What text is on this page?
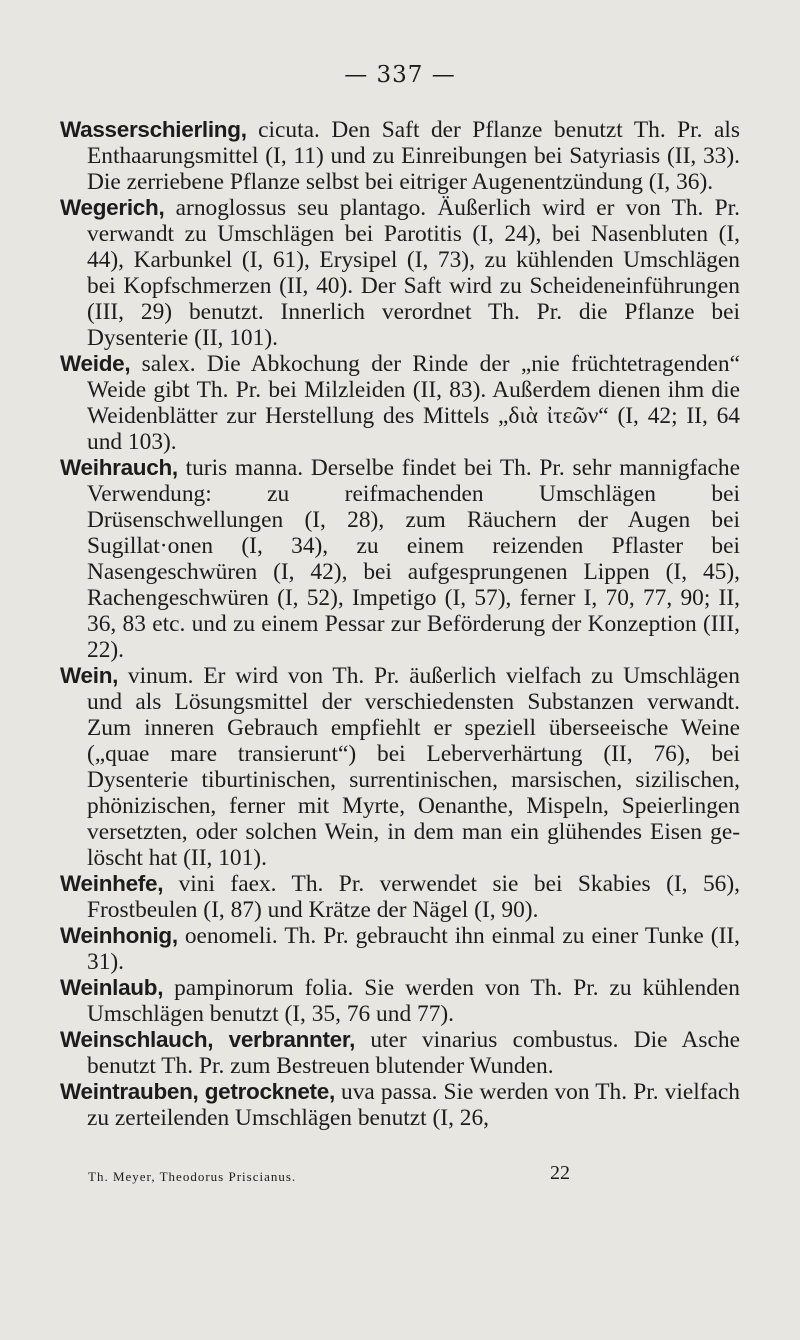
— 337 —

Wasserschierling, cicuta. Den Saft der Pflanze benutzt Th. Pr. als Enthaarungsmittel (I, 11) und zu Einreibungen bei Satyriasis (II, 33). Die zerriebene Pflanze selbst bei eitriger Augenentzündung (I, 36).

Wegerich, arnoglossus seu plantago. Äußerlich wird er von Th. Pr. verwandt zu Umschlägen bei Parotitis (I, 24), bei Nasenbluten (I, 44), Karbunkel (I, 61), Erysipel (I, 73), zu kühlenden Umschlägen bei Kopfschmerzen (II, 40). Der Saft wird zu Scheideneinführungen (III, 29) benutzt. Innerlich verordnet Th. Pr. die Pflanze bei Dysenterie (II, 101).

Weide, salex. Die Abkochung der Rinde der „nie früchtetragenden“ Weide gibt Th. Pr. bei Milzleiden (II, 83). Außerdem dienen ihm die Weidenblätter zur Herstellung des Mittels „διὰ ἰτεῶν“ (I, 42; II, 64 und 103).

Weihrauch, turis manna. Derselbe findet bei Th. Pr. sehr mannigfache Verwendung: zu reifmachenden Umschlägen bei Drüsenschwellungen (I, 28), zum Räuchern der Augen bei Sugillat·onen (I, 34), zu einem reizenden Pflaster bei Nasengeschwüren (I, 42), bei aufgesprungenen Lippen (I, 45), Rachengeschwüren (I, 52), Impetigo (I, 57), ferner I, 70, 77, 90; II, 36, 83 etc. und zu einem Pessar zur Beförderung der Konzeption (III, 22).

Wein, vinum. Er wird von Th. Pr. äußerlich vielfach zu Umschlägen und als Lösungsmittel der verschiedensten Substanzen verwandt. Zum inneren Gebrauch empfiehlt er speziell überseeische Weine („quae mare transierunt“) bei Leberverhärtung (II, 76), bei Dysenterie tiburtinischen, surrentinischen, marsischen, sizilischen, phönizischen, ferner mit Myrte, Oenanthe, Mispeln, Speierlingen versetzten, oder solchen Wein, in dem man ein glühendes Eisen gelöscht hat (II, 101).

Weinhefe, vini faex. Th. Pr. verwendet sie bei Skabies (I, 56), Frostbeulen (I, 87) und Krätze der Nägel (I, 90).

Weinhonig, oenomeli. Th. Pr. gebraucht ihn einmal zu einer Tunke (II, 31).

Weinlaub, pampinorum folia. Sie werden von Th. Pr. zu kühlenden Umschlägen benutzt (I, 35, 76 und 77).

Weinschlauch, verbrannter, uter vinarius combustus. Die Asche benutzt Th. Pr. zum Bestreuen blutender Wunden.

Weintrauben, getrocknete, uva passa. Sie werden von Th. Pr. vielfach zu zerteilenden Umschlägen benutzt (I, 26,

Th. Meyer, Theodorus Priscianus.	22
